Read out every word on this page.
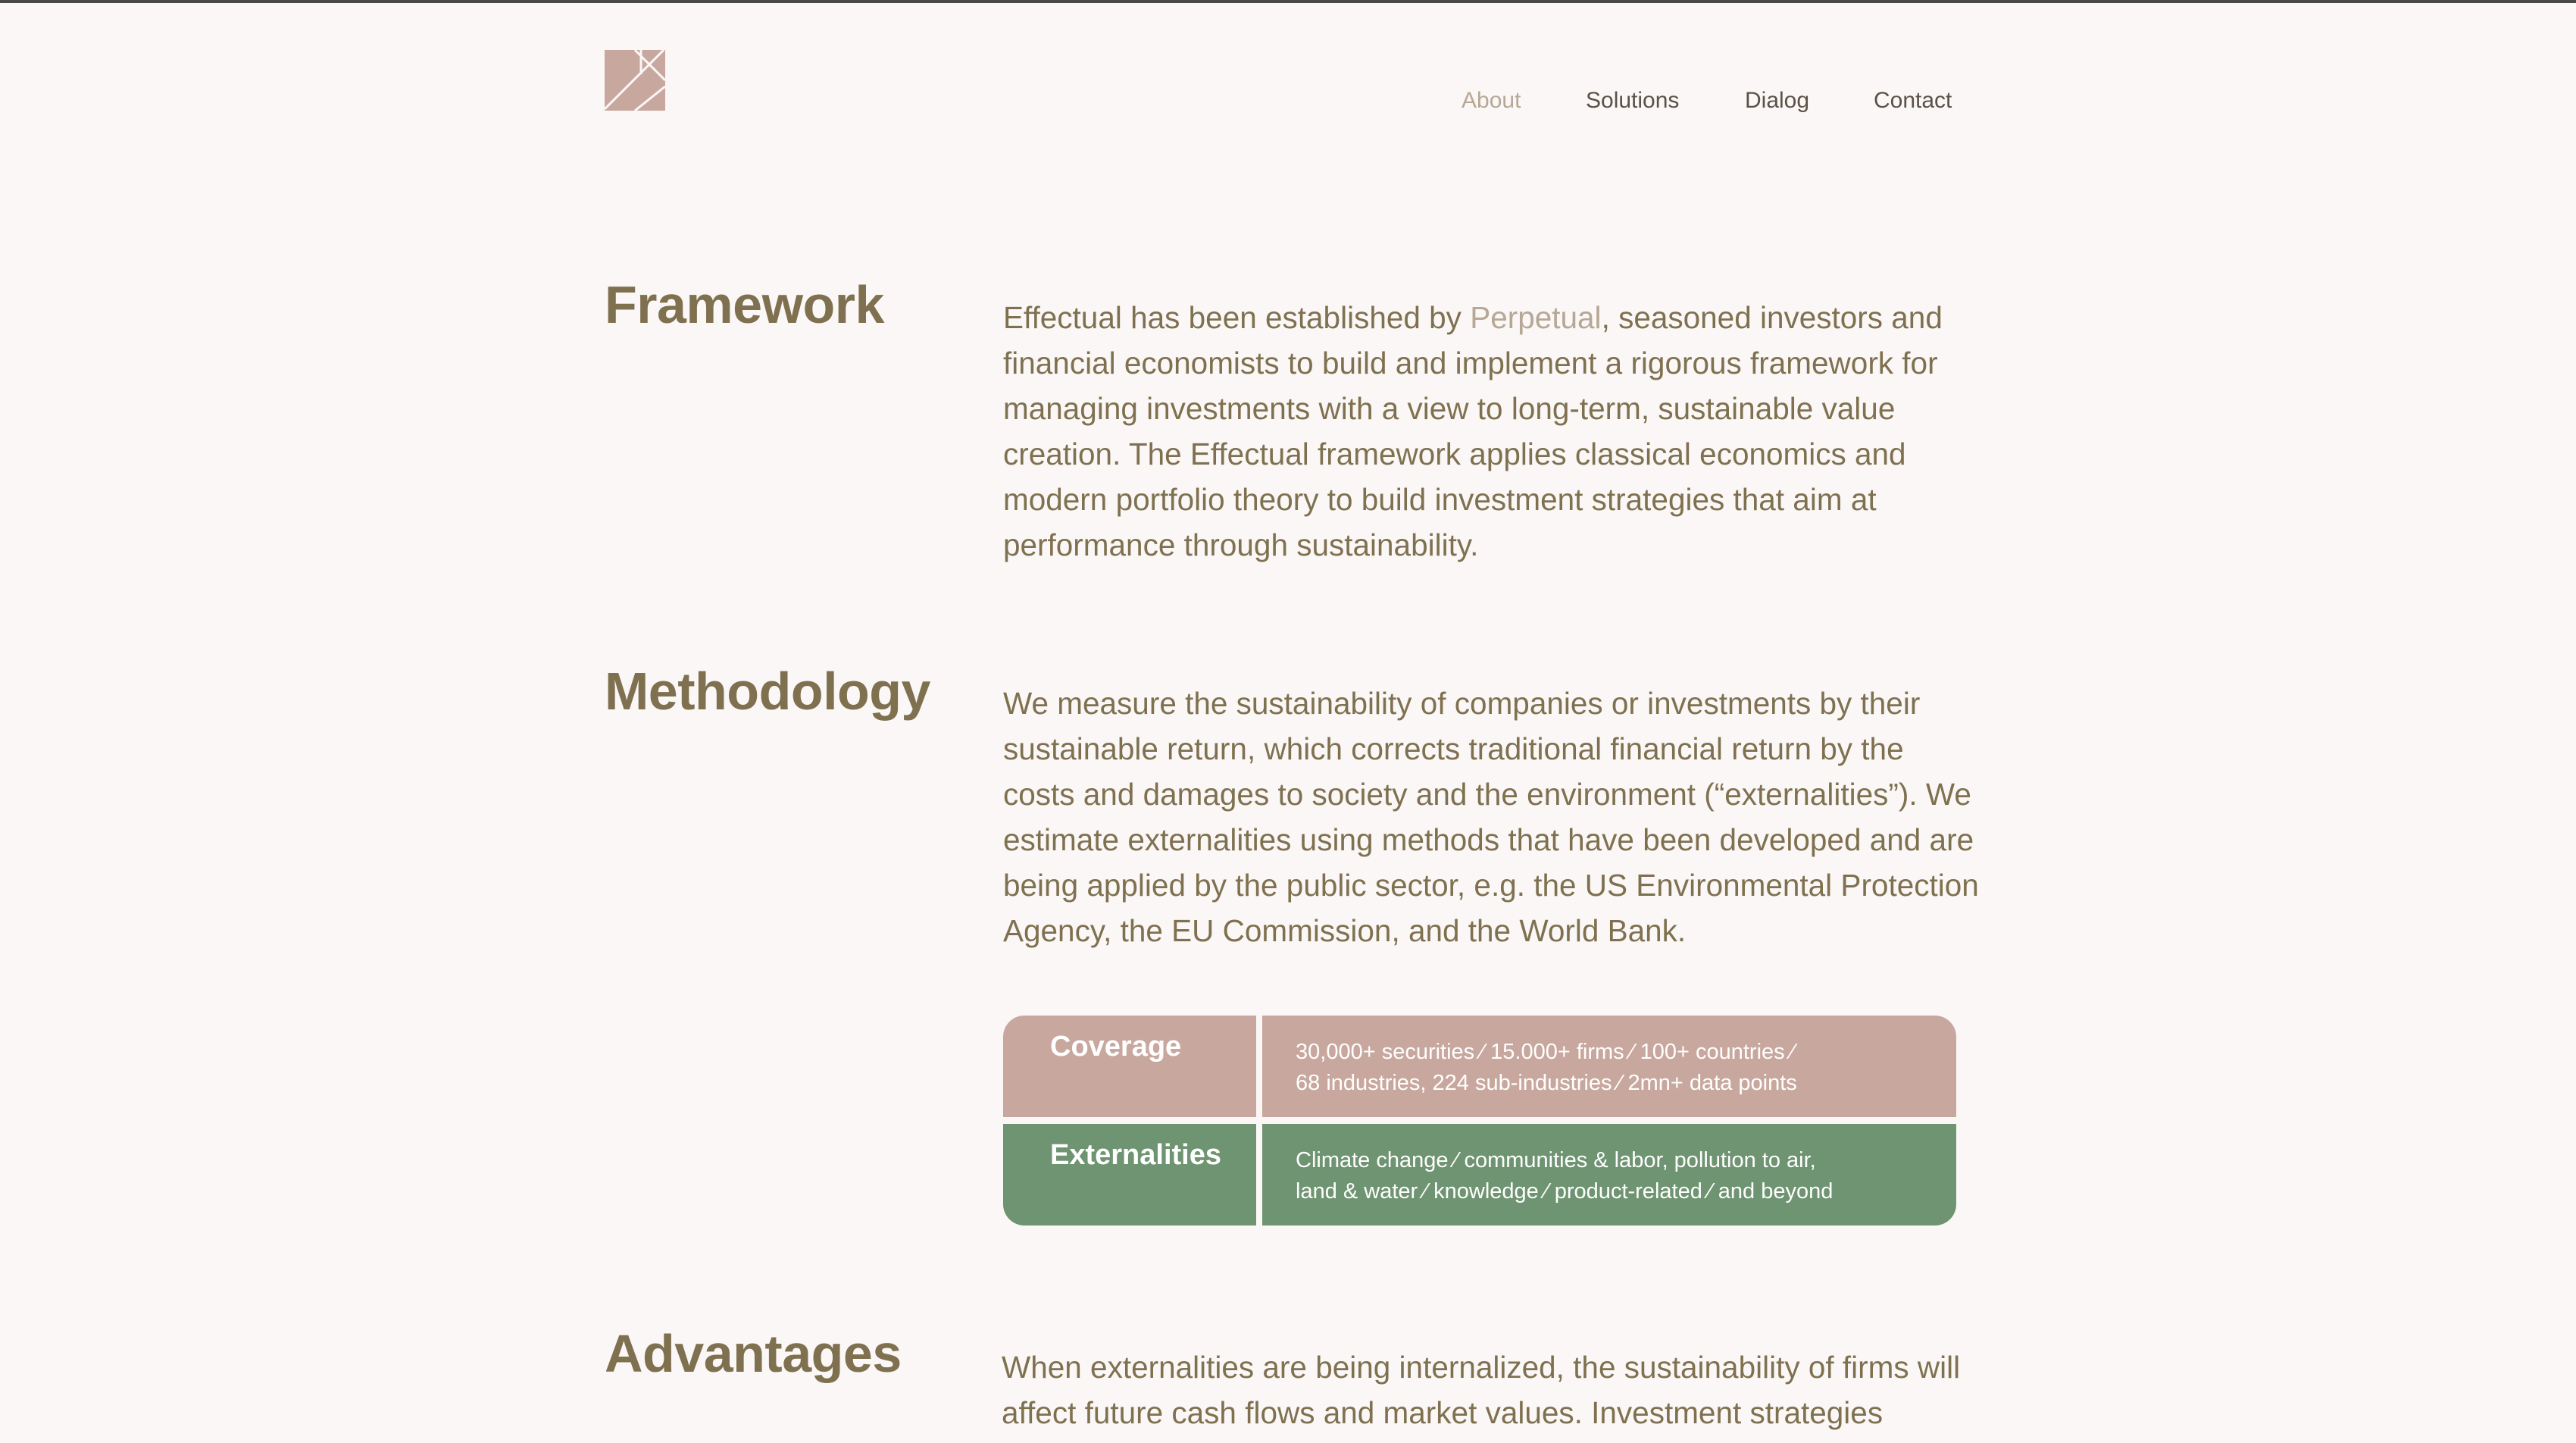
About	Solutions	Dialog	Contact
Framework	Effectual has been established by Perpetual, seasoned investors and financial economists to build and implement a rigorous framework for managing investments with a view to long-term, sustainable value creation. The Effectual framework applies classical economics and modern portfolio theory to build investment strategies that aim at performance through sustainability.

Methodology We measure the sustainability of companies or investments by their sustainable return, which corrects traditional financial return by the costs and damages to society and the environment (“externalities”). We estimate externalities using methods that have been developed and are being applied by the public sector, e.g. the US Environmental Protection Agency, the EU Commission, and the World Bank.

Coverage	30,000+ securities ⁄ 15.000+ firms ⁄ 100+ countries ⁄
68 industries, 224 sub-industries ⁄ 2mn+ data points
Externalities	Climate change ⁄ communities & labor, pollution to air,
land & water ⁄ knowledge ⁄ product-related ⁄ and beyond
Advantages	When externalities are being internalized, the sustainability of firms will affect future cash flows and market values. Investment strategies
